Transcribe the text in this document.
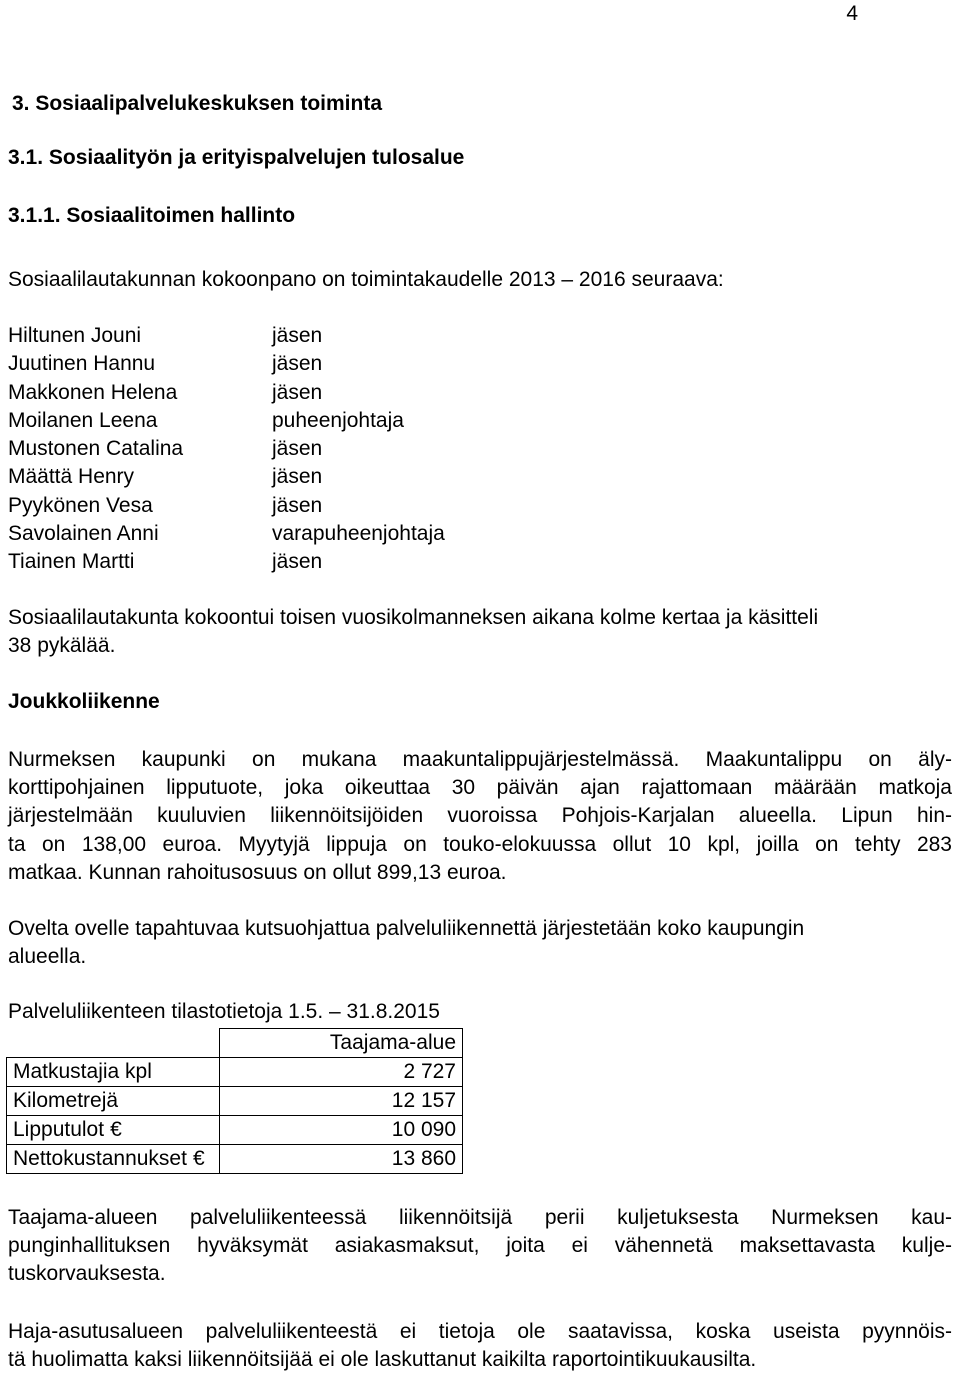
4
3. Sosiaalipalvelukeskuksen toiminta
3.1. Sosiaalityön ja erityispalvelujen tulosalue
3.1.1. Sosiaalitoimen hallinto
Sosiaalilautakunnan kokoonpano on toimintakaudelle 2013 – 2016 seuraava:
Hiltunen Jouni	jäsen
Juutinen Hannu	jäsen
Makkonen Helena	jäsen
Moilanen Leena	puheenjohtaja
Mustonen Catalina	jäsen
Määttä Henry	jäsen
Pyykönen Vesa	jäsen
Savolainen Anni	varapuheenjohtaja
Tiainen Martti	jäsen
Sosiaalilautakunta kokoontui toisen vuosikolmanneksen aikana kolme kertaa ja käsitteli
38 pykälää.
Joukkoliikenne
Nurmeksen kaupunki on mukana maakuntalippujärjestelmässä. Maakuntalippu on äly-
korttipohjainen lipputuote, joka oikeuttaa 30 päivän ajan rajattomaan määrään matkoja
järjestelmään kuuluvien liikennöitsijöiden vuoroissa Pohjois-Karjalan alueella. Lipun hin-
ta on 138,00 euroa. Myytyjä lippuja on touko-elokuussa ollut 10 kpl, joilla on tehty 283
matkaa. Kunnan rahoitusosuus on ollut 899,13 euroa.
Ovelta ovelle tapahtuvaa kutsuohjattua palveluliikennettä järjestetään koko kaupungin
alueella.
Palveluliikenteen tilastotietoja 1.5. – 31.8.2015
	Taajama-alue
Matkustajia kpl	2 727
Kilometrejä	12 157
Lipputulot €	10 090
Nettokustannukset €	13 860
Taajama-alueen palveluliikenteessä liikennöitsijä perii kuljetuksesta Nurmeksen kau-
punginhallituksen hyväksymät asiakasmaksut, joita ei vähennetä maksettavasta kulje-
tuskorvauksesta.
Haja-asutusalueen palveluliikenteestä ei tietoja ole saatavissa, koska useista pyynnöis-
tä huolimatta kaksi liikennöitsijää ei ole laskuttanut kaikilta raportointikuukausilta.
